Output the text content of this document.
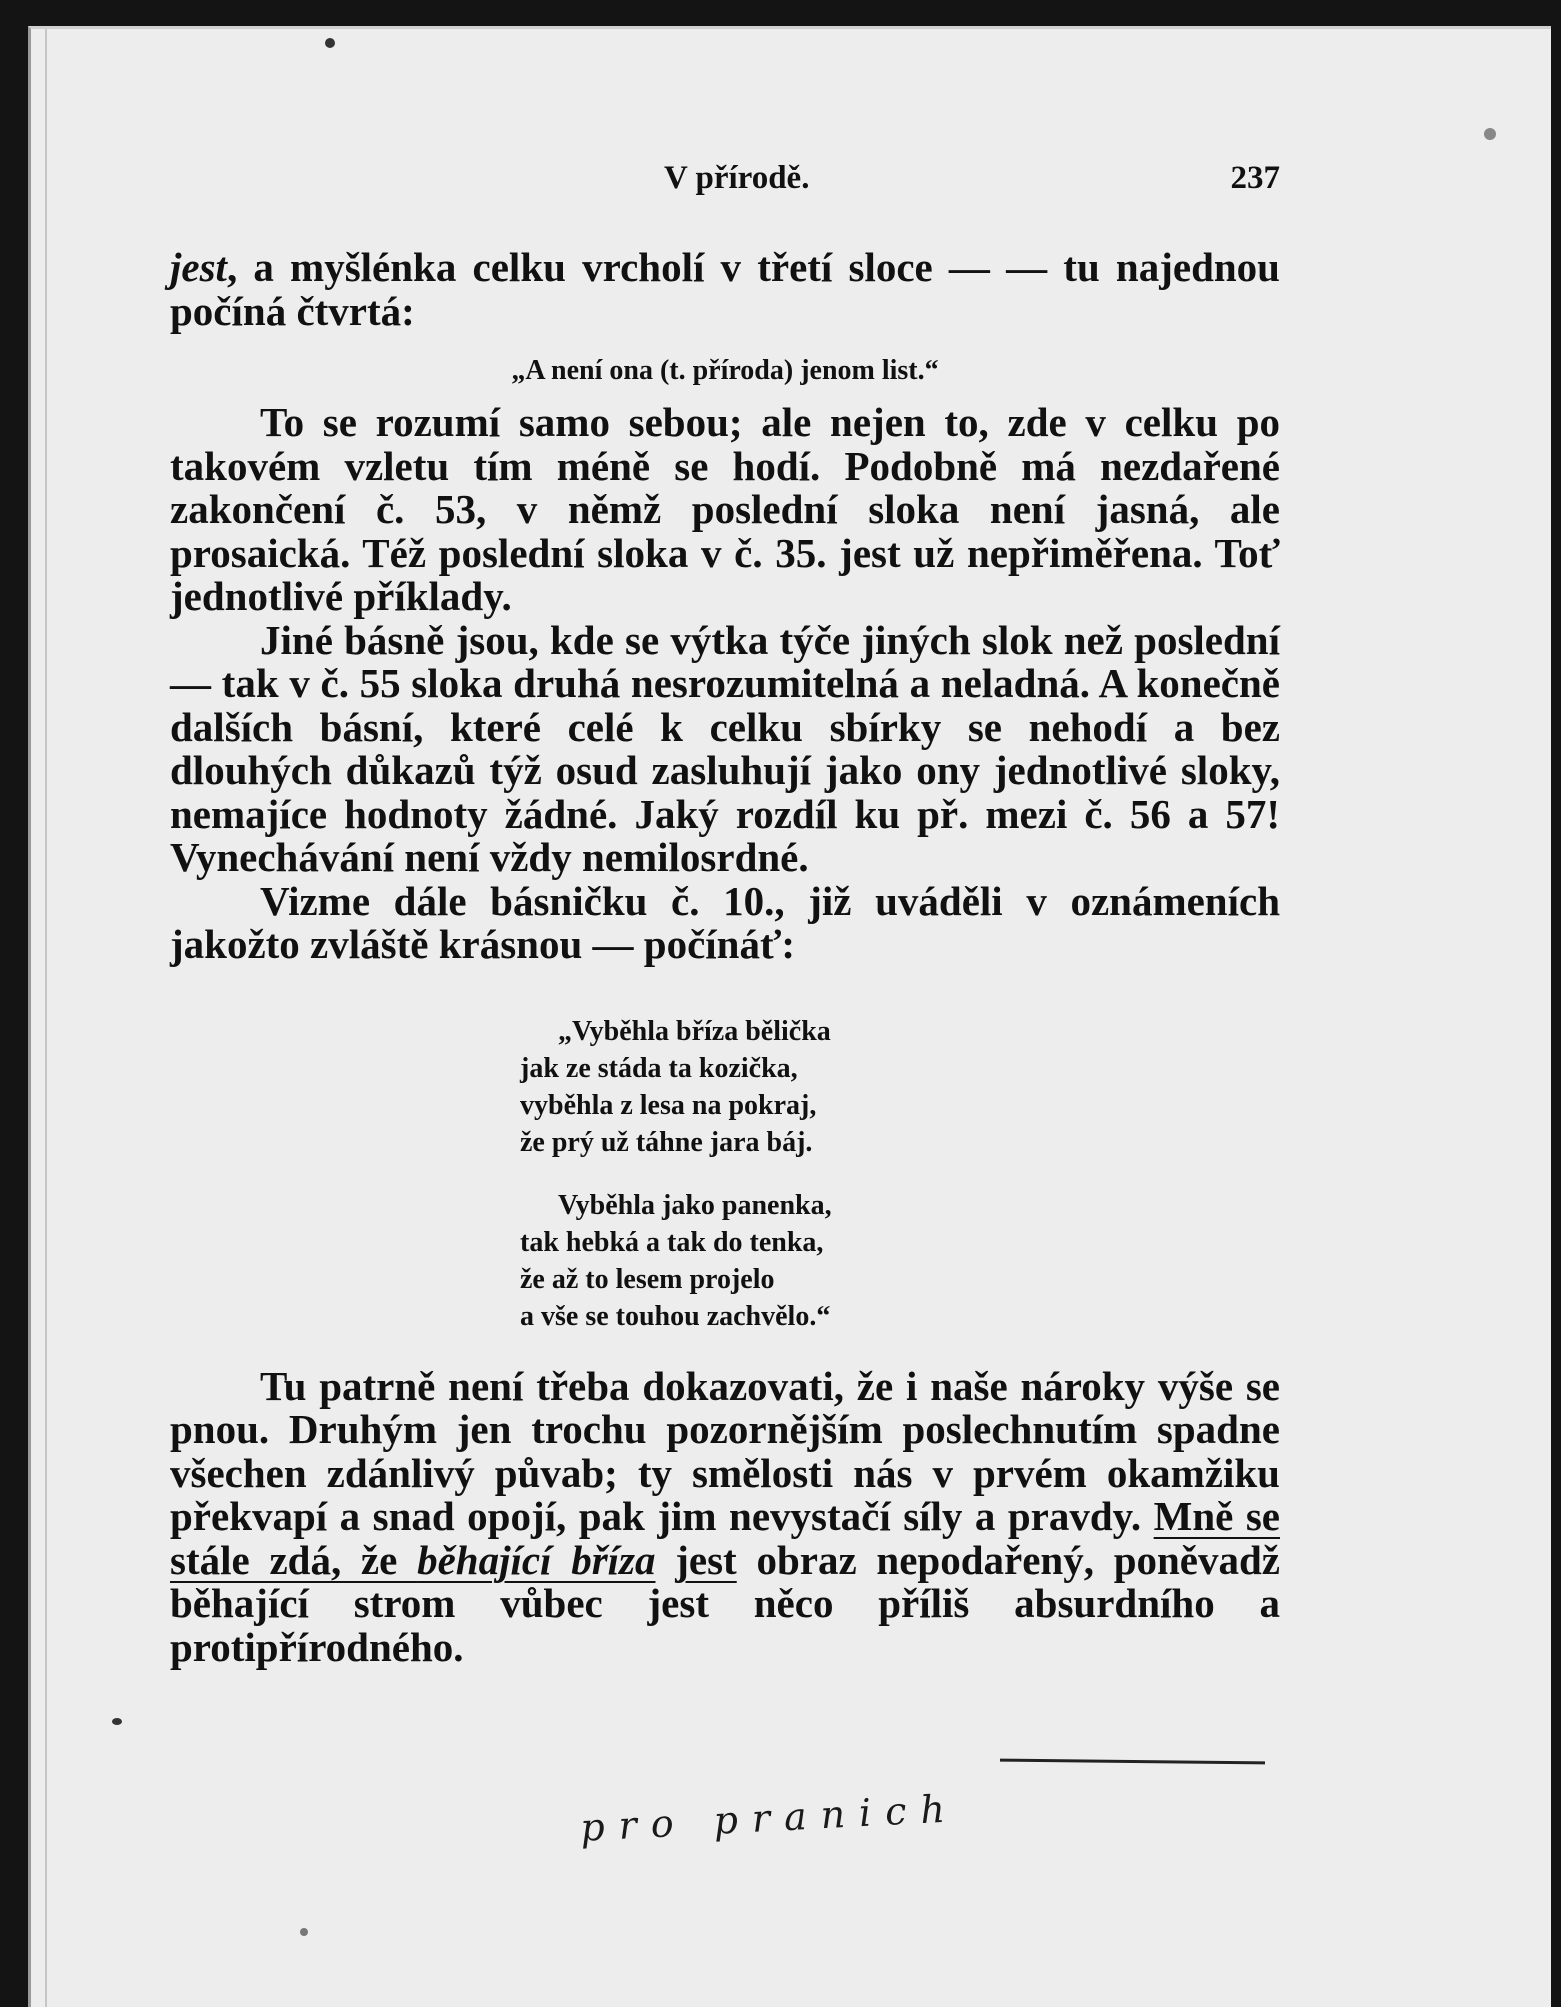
V přírodě.	237

jest, a myšlénka celku vrcholí v třetí sloce — — tu najednou počíná čtvrtá:

„A není ona (t. příroda) jenom list.“

To se rozumí samo sebou; ale nejen to, zde v celku po takovém vzletu tím méně se hodí. Podobně má nezdařené zakončení č. 53, v němž poslední sloka není jasná, ale prosaická. Též poslední sloka v č. 35. jest už nepřiměřena. Toť jednotlivé příklady.

Jiné básně jsou, kde se výtka týče jiných slok než poslední — tak v č. 55 sloka druhá nesrozumitelná a neladná. A konečně dalších básní, které celé k celku sbírky se nehodí a bez dlouhých důkazů týž osud zasluhují jako ony jednotlivé sloky, nemajíce hodnoty žádné. Jaký rozdíl ku př. mezi č. 56 a 57! Vynechávání není vždy nemilosrdné.

Vizme dále básničku č. 10., již uváděli v oznámeních jakožto zvláště krásnou — počínáť:

„Vyběhla bříza bělička
jak ze stáda ta kozička,
vyběhla z lesa na pokraj,
že prý už táhne jara báj.
Vyběhla jako panenka,
tak hebká a tak do tenka,
že až to lesem projelo
a vše se touhou zachvělo.“

Tu patrně není třeba dokazovati, že i naše nároky výše se pnou. Druhým jen trochu pozornějším poslechnutím spadne všechen zdánlivý půvab; ty smělosti nás v prvém okamžiku překvapí a snad opojí, pak jim nevystačí síly a pravdy. Mně se stále zdá, že běhající bříza jest obraz nepodařený, poněvadž běhající strom vůbec jest něco příliš absurdního a protipřírodného.

pro pranich
